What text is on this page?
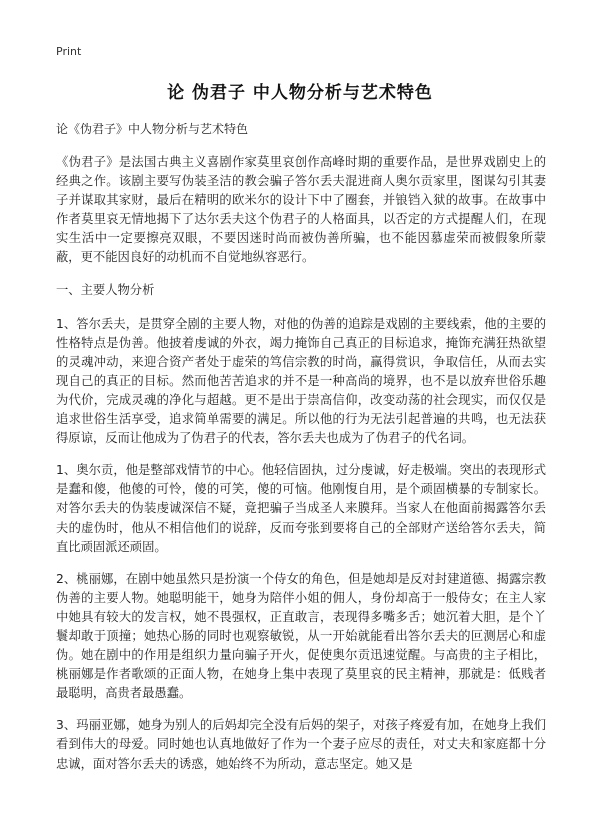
Print
论 伪君子 中人物分析与艺术特色

论《伪君子》中人物分析与艺术特色

《伪君子》是法国古典主义喜剧作家莫里哀创作高峰时期的重要作品，是世界戏剧史上的经典之作。该剧主要写伪装圣洁的教会骗子答尔丢夫混进商人奥尔贡家里，图谋勾引其妻子并谋取其家财，最后在精明的欧米尔的设计下中了圈套，并锒铛入狱的故事。在故事中作者莫里哀无情地揭下了达尔丢夫这个伪君子的人格面具，以否定的方式提醒人们，在现实生活中一定要擦亮双眼，不要因迷时尚而被伪善所骗，也不能因慕虚荣而被假象所蒙蔽，更不能因良好的动机而不自觉地纵容恶行。

一、主要人物分析

1、答尔丢夫，是贯穿全剧的主要人物，对他的伪善的追踪是戏剧的主要线索，他的主要的性格特点是伪善。他披着虔诚的外衣，竭力掩饰自己真正的目标追求，掩饰充满狂热欲望的灵魂冲动，来迎合资产者处于虚荣的笃信宗教的时尚，赢得赏识，争取信任，从而去实现自己的真正的目标。然而他苦苦追求的并不是一种高尚的境界，也不是以放弃世俗乐趣为代价，完成灵魂的净化与超越。更不是出于崇高信仰，改变动荡的社会现实，而仅仅是追求世俗生活享受，追求简单需要的满足。所以他的行为无法引起普遍的共鸣，也无法获得原谅，反而让他成为了伪君子的代表，答尔丢夫也成为了伪君子的代名词。

1、奥尔贡，他是整部戏情节的中心。他轻信固执，过分虔诚，好走极端。突出的表现形式是蠢和傻，他傻的可怜，傻的可笑，傻的可恼。他刚愎自用，是个顽固横暴的专制家长。对答尔丢夫的伪装虔诚深信不疑，竟把骗子当成圣人来膜拜。当家人在他面前揭露答尔丢夫的虚伪时，他从不相信他们的说辞，反而夸张到要将自己的全部财产送给答尔丢夫，简直比顽固派还顽固。

2、桃丽娜，在剧中她虽然只是扮演一个侍女的角色，但是她却是反对封建道德、揭露宗教伪善的主要人物。她聪明能干，她身为陪伴小姐的佣人，身份却高于一般侍女；在主人家中她具有较大的发言权，她不畏强权，正直敢言，表现得多嘴多舌；她沉着大胆，是个丫鬟却敢于顶撞；她热心肠的同时也观察敏锐，从一开始就能看出答尔丢夫的叵测居心和虚伪。她在剧中的作用是组织力量向骗子开火，促使奥尔贡迅速觉醒。与高贵的主子相比，桃丽娜是作者歌颂的正面人物，在她身上集中表现了莫里哀的民主精神，那就是：低贱者最聪明，高贵者最愚蠢。

3、玛丽亚娜，她身为别人的后妈却完全没有后妈的架子，对孩子疼爱有加，在她身上我们看到伟大的母爱。同时她也认真地做好了作为一个妻子应尽的责任，对丈夫和家庭都十分忠诚，面对答尔丢夫的诱惑，她始终不为所动，意志坚定。她又是
